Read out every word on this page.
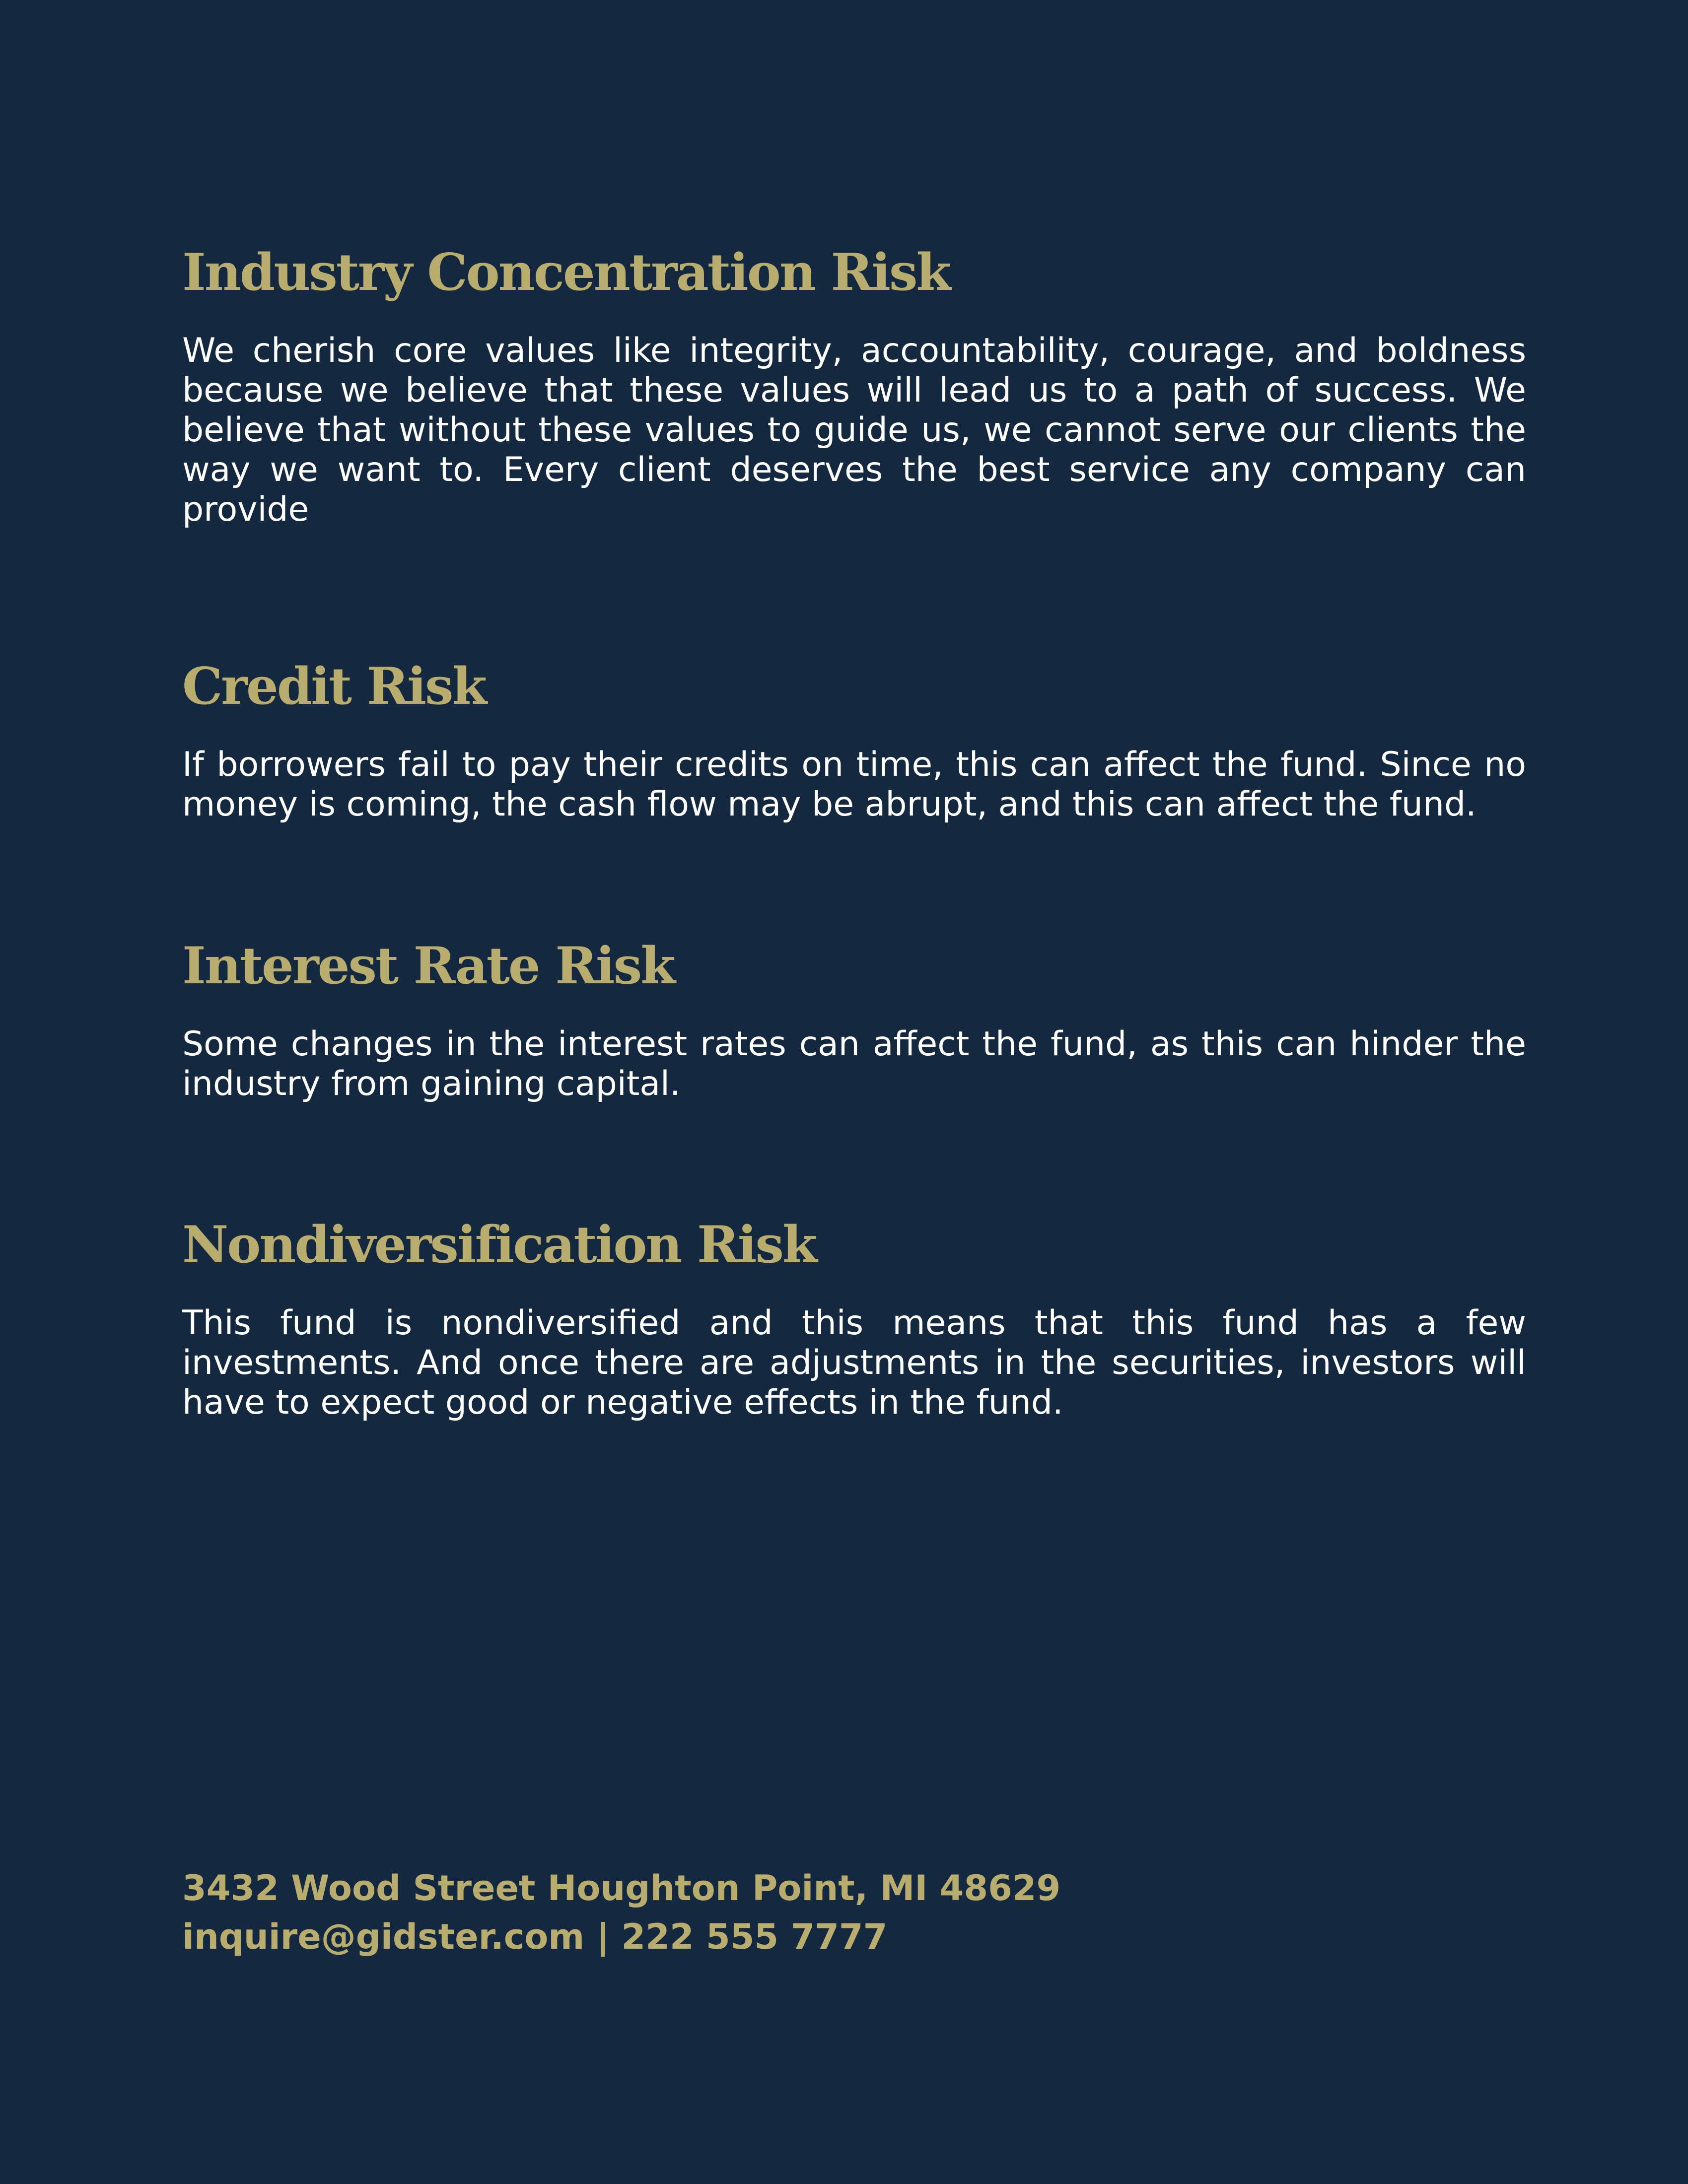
Industry Concentration Risk

We cherish core values like integrity, accountability, courage, and boldness because we believe that these values will lead us to a path of success. We believe that without these values to guide us, we cannot serve our clients the way we want to. Every client deserves the best service any company can provide

Credit Risk

If borrowers fail to pay their credits on time, this can affect the fund. Since no money is coming, the cash flow may be abrupt, and this can affect the fund.

Interest Rate Risk

Some changes in the interest rates can affect the fund, as this can hinder the industry from gaining capital.

Nondiversification Risk

This fund is nondiversified and this means that this fund has a few investments. And once there are adjustments in the securities, investors will have to expect good or negative effects in the fund.

3432 Wood Street Houghton Point, MI 48629

inquire@gidster.com | 222 555 7777
